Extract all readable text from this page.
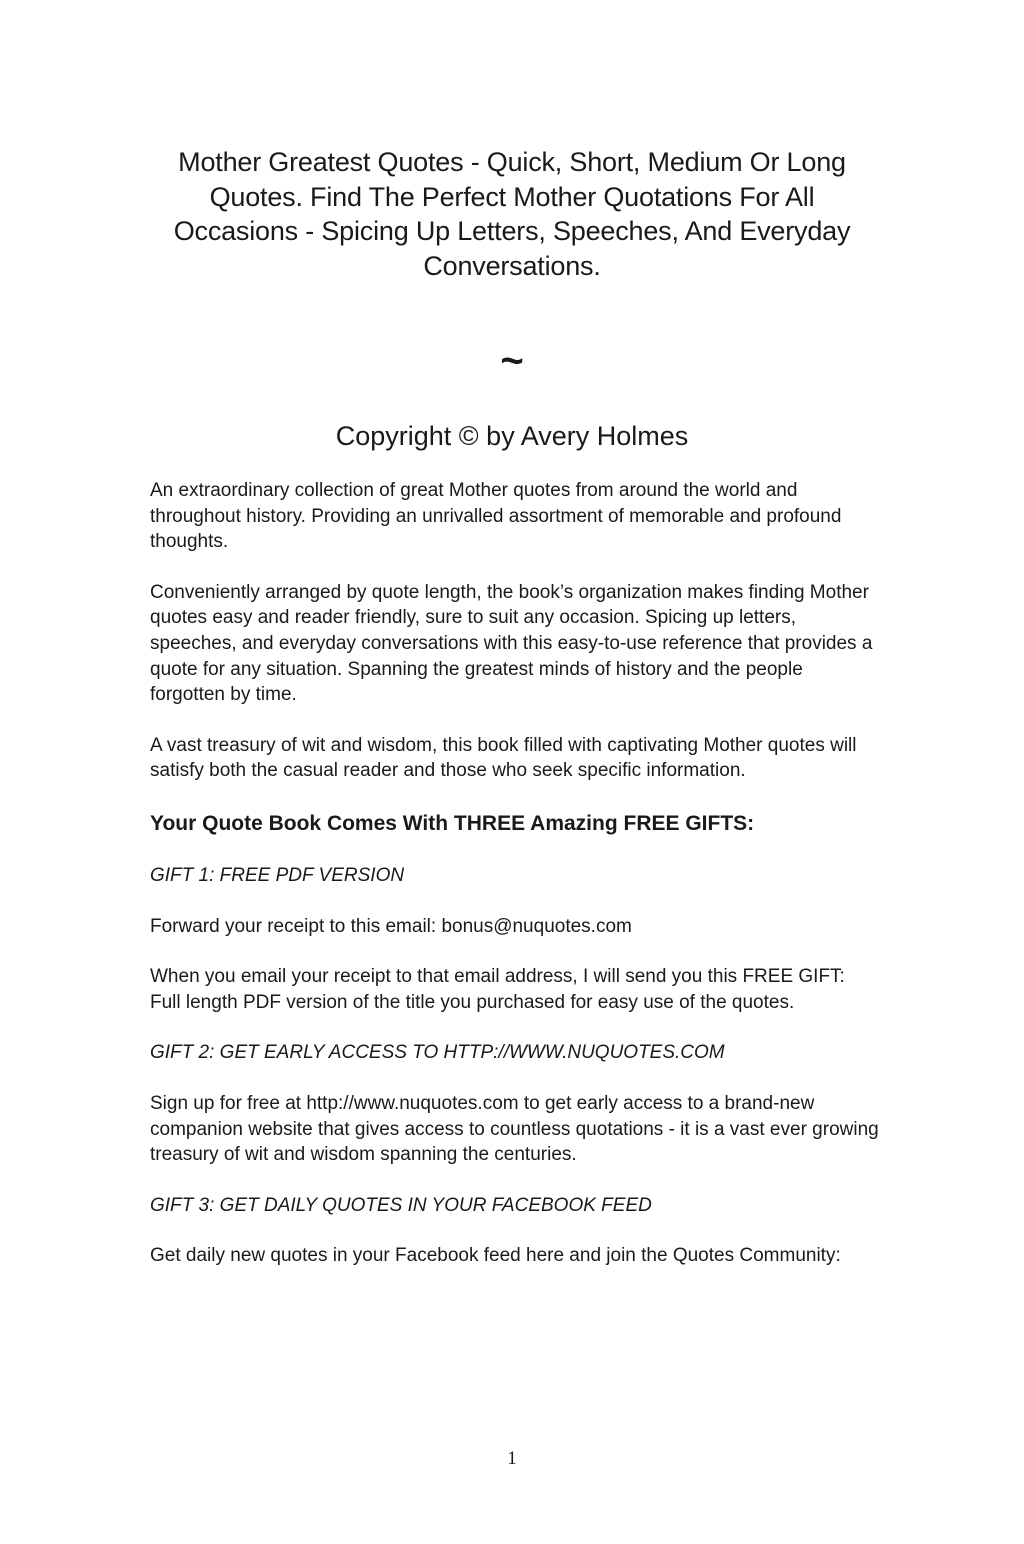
Mother Greatest Quotes - Quick, Short, Medium Or Long Quotes. Find The Perfect Mother Quotations For All Occasions - Spicing Up Letters, Speeches, And Everyday Conversations.
~
Copyright © by Avery Holmes

An extraordinary collection of great Mother quotes from around the world and throughout history. Providing an unrivalled assortment of memorable and profound thoughts.

Conveniently arranged by quote length, the book’s organization makes finding Mother quotes easy and reader friendly, sure to suit any occasion. Spicing up letters, speeches, and everyday conversations with this easy-to-use reference that provides a quote for any situation. Spanning the greatest minds of history and the people forgotten by time.

A vast treasury of wit and wisdom, this book filled with captivating Mother quotes will satisfy both the casual reader and those who seek specific information.

Your Quote Book Comes With THREE Amazing FREE GIFTS:

GIFT 1: FREE PDF VERSION

Forward your receipt to this email: bonus@nuquotes.com

When you email your receipt to that email address, I will send you this FREE GIFT: Full length PDF version of the title you purchased for easy use of the quotes.

GIFT 2: GET EARLY ACCESS TO HTTP://WWW.NUQUOTES.COM

Sign up for free at http://www.nuquotes.com to get early access to a brand-new companion website that gives access to countless quotations - it is a vast ever growing treasury of wit and wisdom spanning the centuries.

GIFT 3: GET DAILY QUOTES IN YOUR FACEBOOK FEED

Get daily new quotes in your Facebook feed here and join the Quotes Community:

1
